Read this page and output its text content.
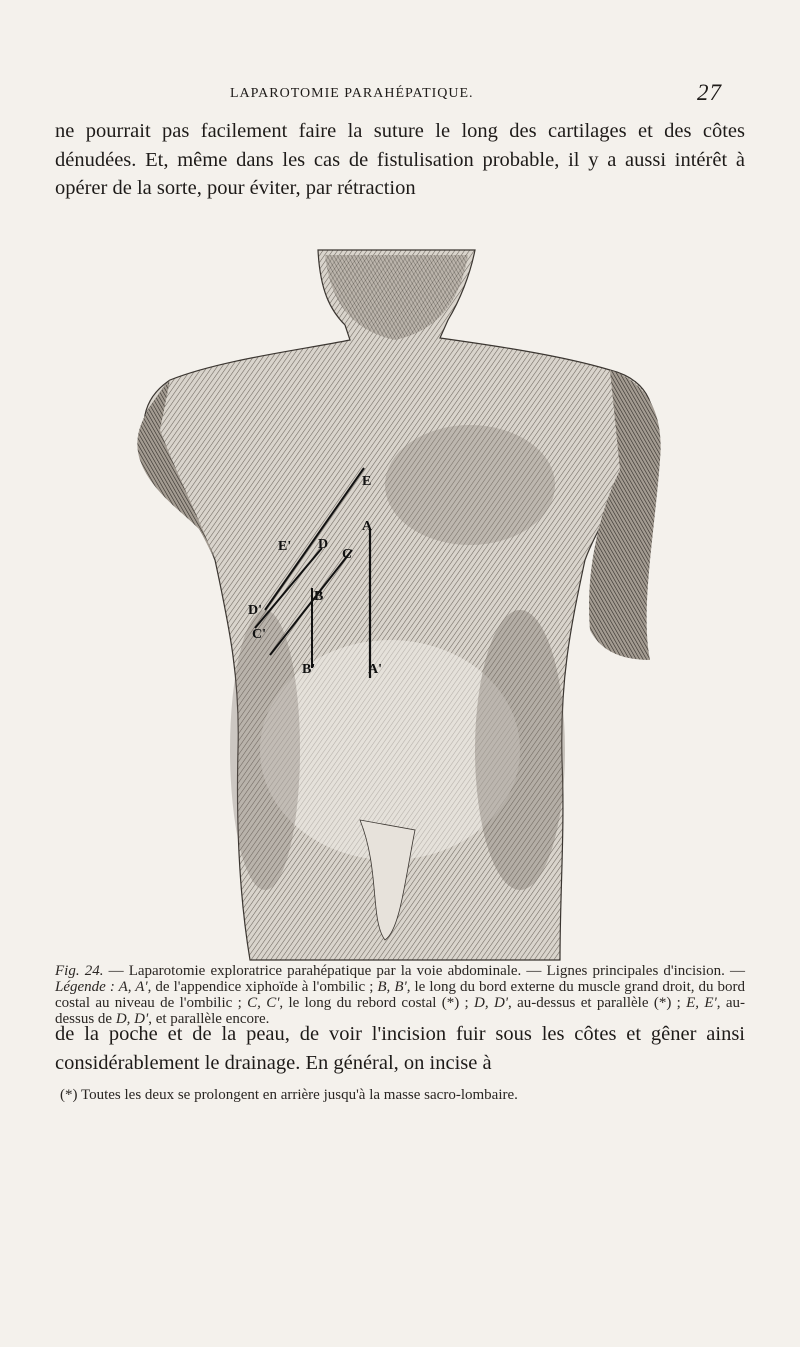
LAPAROTOMIE PARAHÉPATIQUE.	27

ne pourrait pas facilement faire la suture le long des cartilages et des côtes dénudées. Et, même dans les cas de fistulisation probable, il y a aussi intérêt à opérer de la sorte, pour éviter, par rétraction

E
E' D
D'
A
A'
C
C'
B
B'

Fig. 24. — Laparotomie exploratrice parahépatique par la voie abdominale. — Lignes principales d'incision. — Légende : A, A', de l'appendice xiphoïde à l'ombilic ; B, B', le long du bord externe du muscle grand droit, du bord costal au niveau de l'ombilic ; C, C', le long du rebord costal (*) ; D, D', au-dessus et parallèle (*) ; E, E', au-dessus de D, D', et parallèle encore.

de la poche et de la peau, de voir l'incision fuir sous les côtes et gêner ainsi considérablement le drainage. En général, on incise à

(*) Toutes les deux se prolongent en arrière jusqu'à la masse sacro-lombaire.
